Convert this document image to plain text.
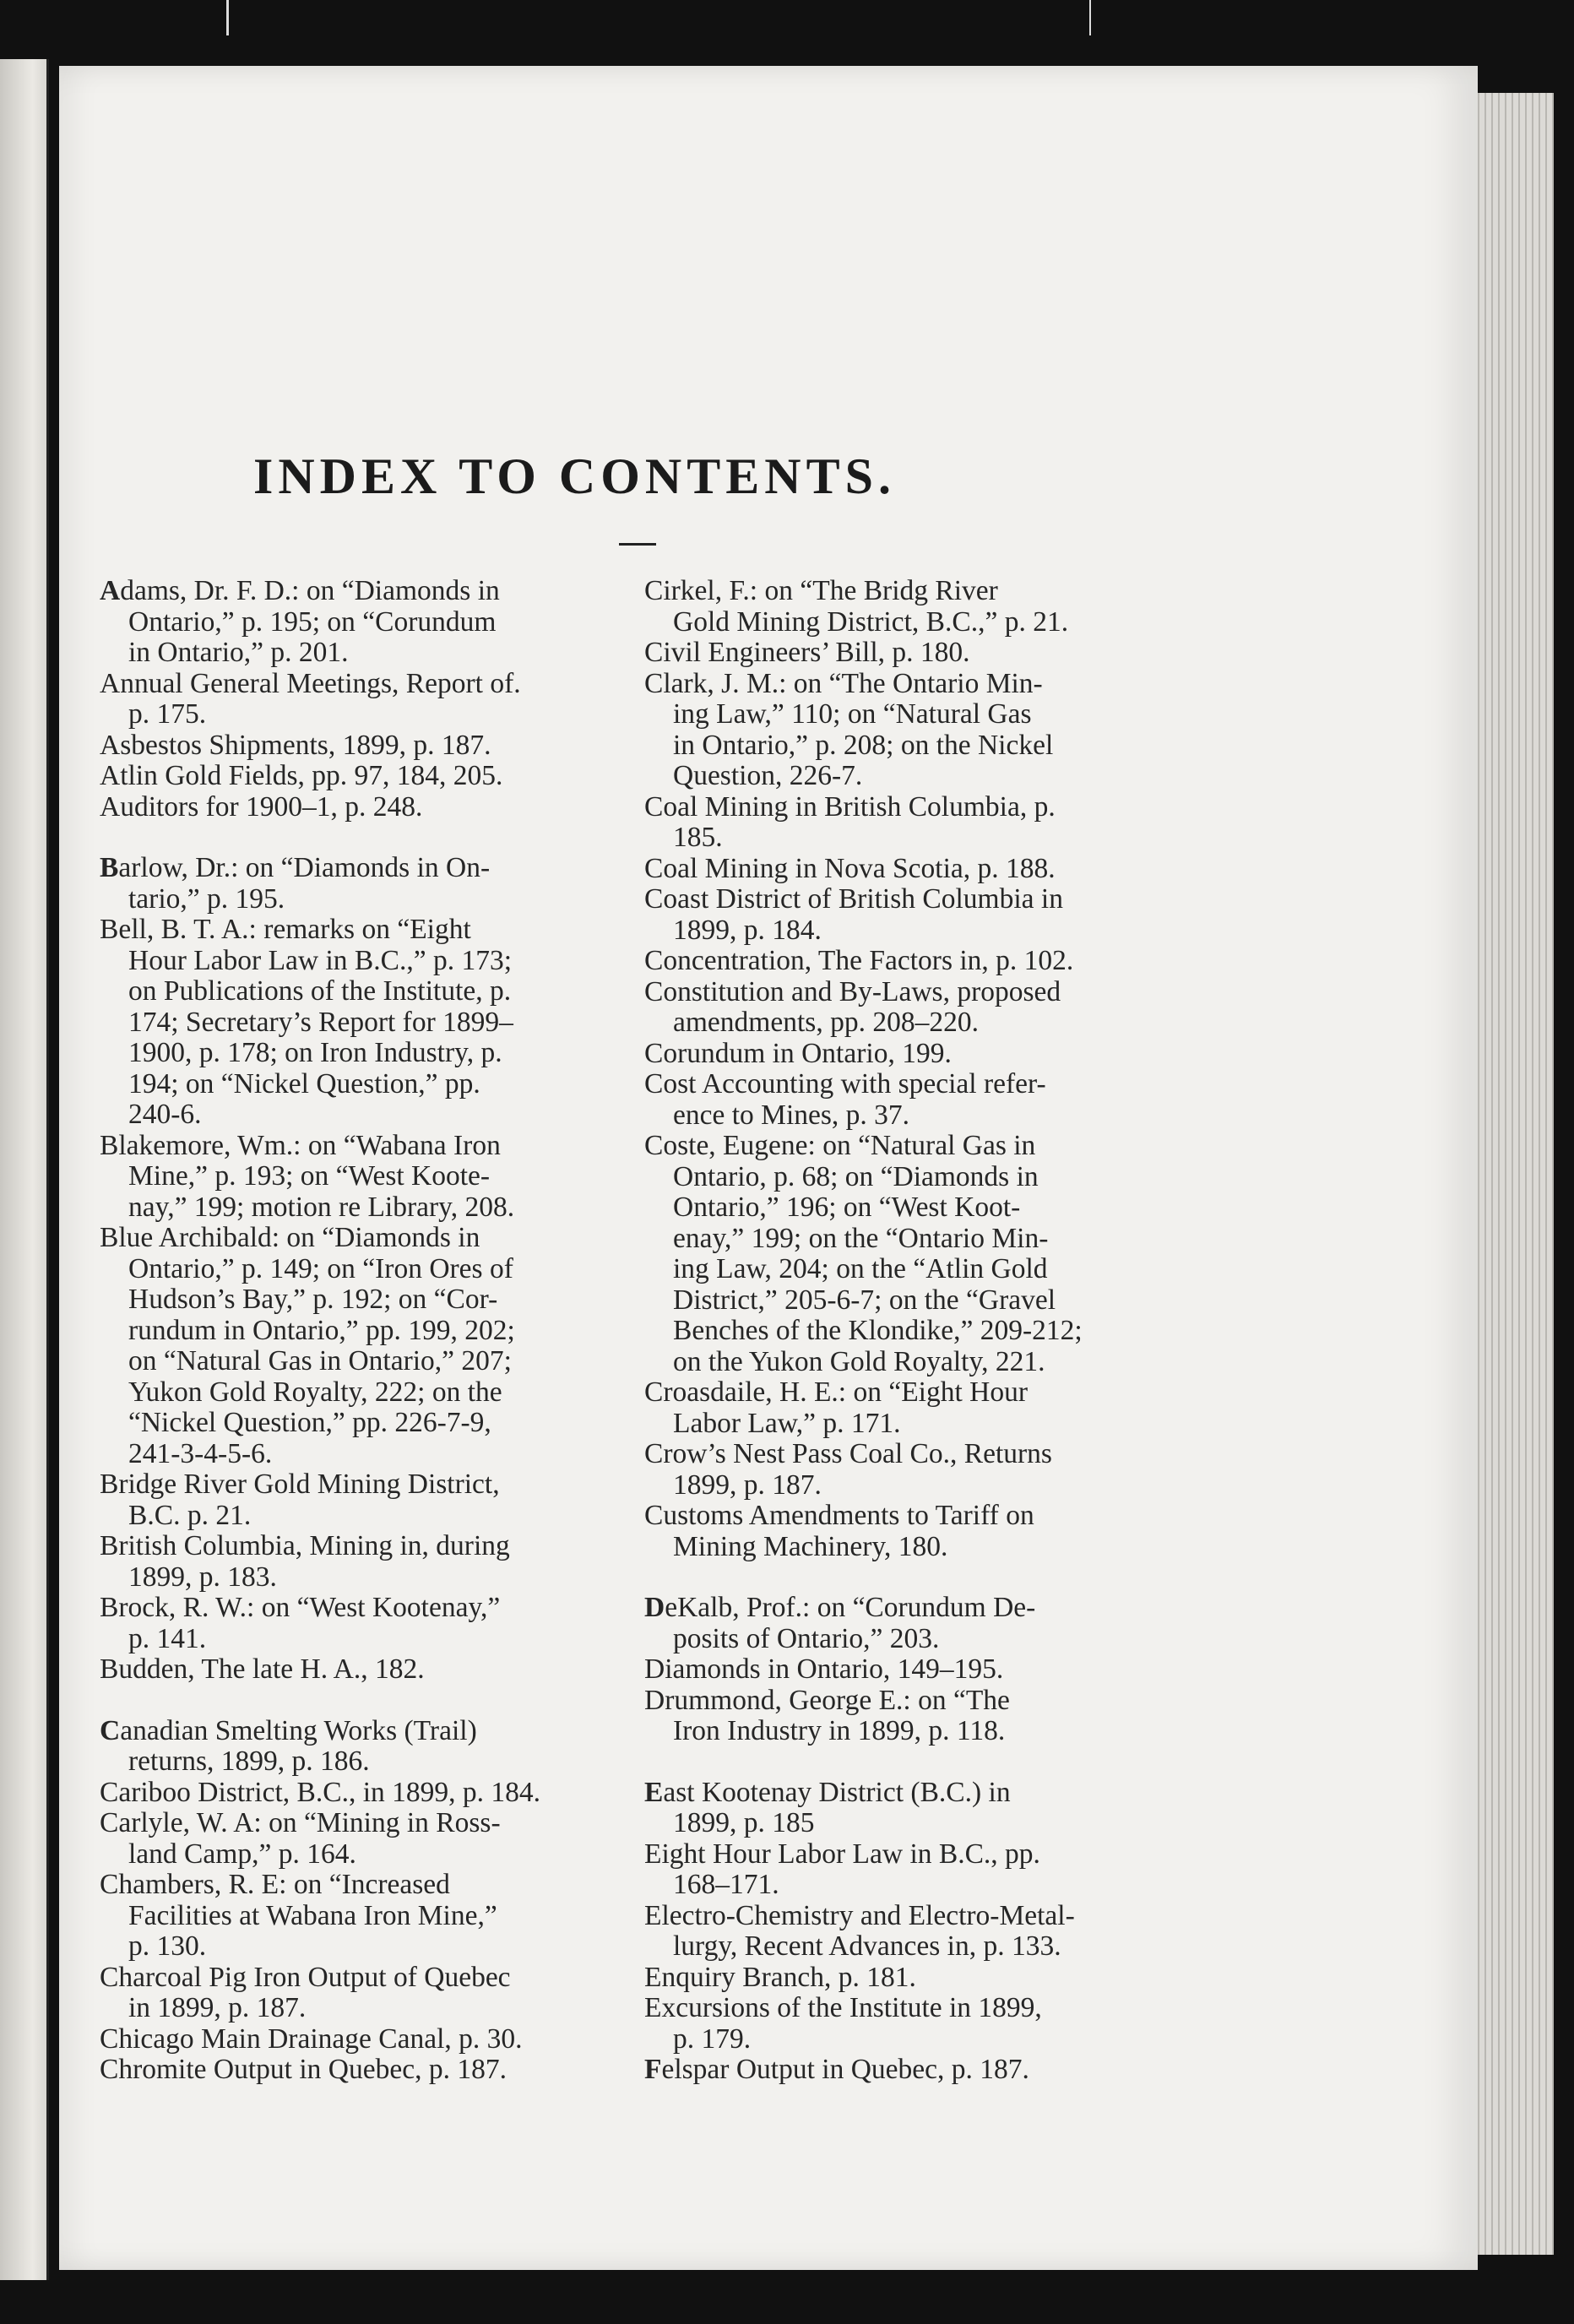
INDEX TO CONTENTS.

Adams, Dr. F. D.: on “Diamonds in
Ontario,” p. 195; on “Corundum
in Ontario,” p. 201.

Annual General Meetings, Report of.
p. 175.

Asbestos Shipments, 1899, p. 187.

Atlin Gold Fields, pp. 97, 184, 205.

Auditors for 1900–1, p. 248.

Barlow, Dr.: on “Diamonds in On-
tario,” p. 195.

Bell, B. T. A.: remarks on “Eight
Hour Labor Law in B.C.,” p. 173;
on Publications of the Institute, p.
174; Secretary’s Report for 1899–
1900, p. 178; on Iron Industry, p.
194; on “Nickel Question,” pp.
240-6.

Blakemore, Wm.: on “Wabana Iron
Mine,” p. 193; on “West Koote-
nay,” 199; motion re Library, 208.

Blue Archibald: on “Diamonds in
Ontario,” p. 149; on “Iron Ores of
Hudson’s Bay,” p. 192; on “Cor-
rundum in Ontario,” pp. 199, 202;
on “Natural Gas in Ontario,” 207;
Yukon Gold Royalty, 222; on the
“Nickel Question,” pp. 226-7-9,
241-3-4-5-6.

Bridge River Gold Mining District,
B.C. p. 21.

British Columbia, Mining in, during
1899, p. 183.

Brock, R. W.: on “West Kootenay,”
p. 141.

Budden, The late H. A., 182.

Canadian Smelting Works (Trail)
returns, 1899, p. 186.

Cariboo District, B.C., in 1899, p. 184.

Carlyle, W. A: on “Mining in Ross-
land Camp,” p. 164.

Chambers, R. E: on “Increased
Facilities at Wabana Iron Mine,”
p. 130.

Charcoal Pig Iron Output of Quebec
in 1899, p. 187.

Chicago Main Drainage Canal, p. 30.

Chromite Output in Quebec, p. 187.

Cirkel, F.: on “The Bridg River
Gold Mining District, B.C.,” p. 21.

Civil Engineers’ Bill, p. 180.

Clark, J. M.: on “The Ontario Min-
ing Law,” 110; on “Natural Gas
in Ontario,” p. 208; on the Nickel
Question, 226-7.

Coal Mining in British Columbia, p.
185.

Coal Mining in Nova Scotia, p. 188.

Coast District of British Columbia in
1899, p. 184.

Concentration, The Factors in, p. 102.

Constitution and By-Laws, proposed
amendments, pp. 208–220.

Corundum in Ontario, 199.

Cost Accounting with special refer-
ence to Mines, p. 37.

Coste, Eugene: on “Natural Gas in
Ontario, p. 68; on “Diamonds in
Ontario,” 196; on “West Koot-
enay,” 199; on the “Ontario Min-
ing Law, 204; on the “Atlin Gold
District,” 205-6-7; on the “Gravel
Benches of the Klondike,” 209-212;
on the Yukon Gold Royalty, 221.

Croasdaile, H. E.: on “Eight Hour
Labor Law,” p. 171.

Crow’s Nest Pass Coal Co., Returns
1899, p. 187.

Customs Amendments to Tariff on
Mining Machinery, 180.

DeKalb, Prof.: on “Corundum De-
posits of Ontario,” 203.

Diamonds in Ontario, 149–195.

Drummond, George E.: on “The
Iron Industry in 1899, p. 118.

East Kootenay District (B.C.) in
1899, p. 185

Eight Hour Labor Law in B.C., pp.
168–171.

Electro-Chemistry and Electro-Metal-
lurgy, Recent Advances in, p. 133.

Enquiry Branch, p. 181.

Excursions of the Institute in 1899,
p. 179.

Felspar Output in Quebec, p. 187.
